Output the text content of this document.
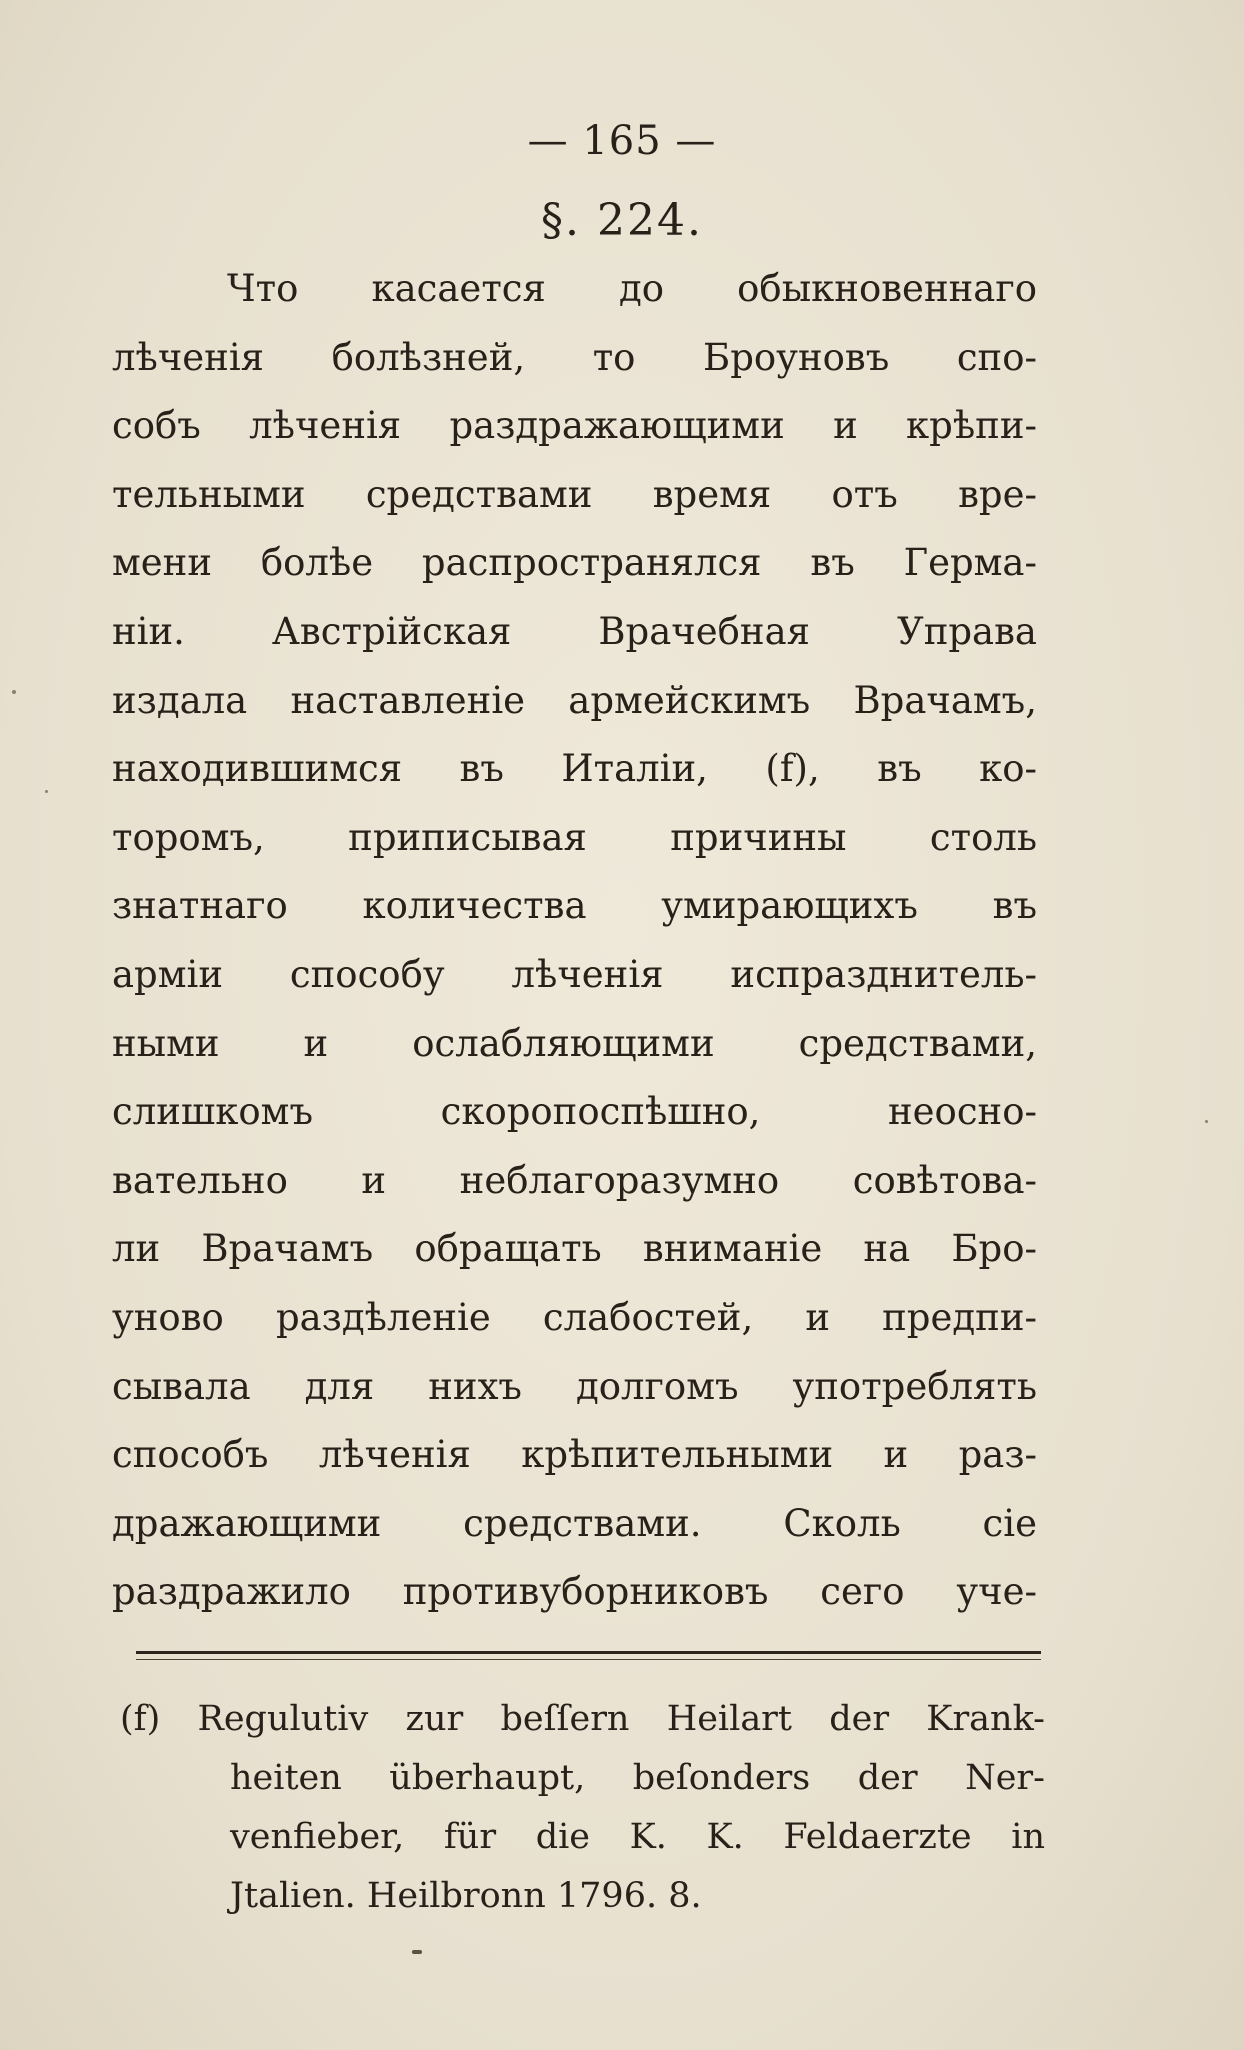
— 165 —
§. 224.
Что касается до обыкновеннаго
лѣченія болѣзней, то Броуновъ спо-
собъ лѣченія раздражающими и крѣпи-
тельными средствами время отъ вре-
мени болѣе распространялся въ Герма-
ніи. Австрійская Врачебная Управа
издала наставленіе армейскимъ Врачамъ,
находившимся въ Италіи, (f), въ ко-
торомъ, приписывая причины столь
знатнаго количества умирающихъ въ
арміи способу лѣченія испразднитель-
ными и ослабляющими средствами,
слишкомъ скоропоспѣшно, неосно-
вательно и неблагоразумно совѣтова-
ли Врачамъ обращать вниманіе на Бро-
уново раздѣленіе слабостей, и предпи-
сывала для нихъ долгомъ употреблять
способъ лѣченія крѣпительными и раз-
дражающими средствами. Сколь сіе
раздражило противуборниковъ сего уче-
(f) Regulutiv zur beſſern Heilart der Krank-
heiten überhaupt, beſonders der Ner-
venfieber, für die K. K. Feldaerzte in
Jtalien. Heilbronn 1796. 8.
